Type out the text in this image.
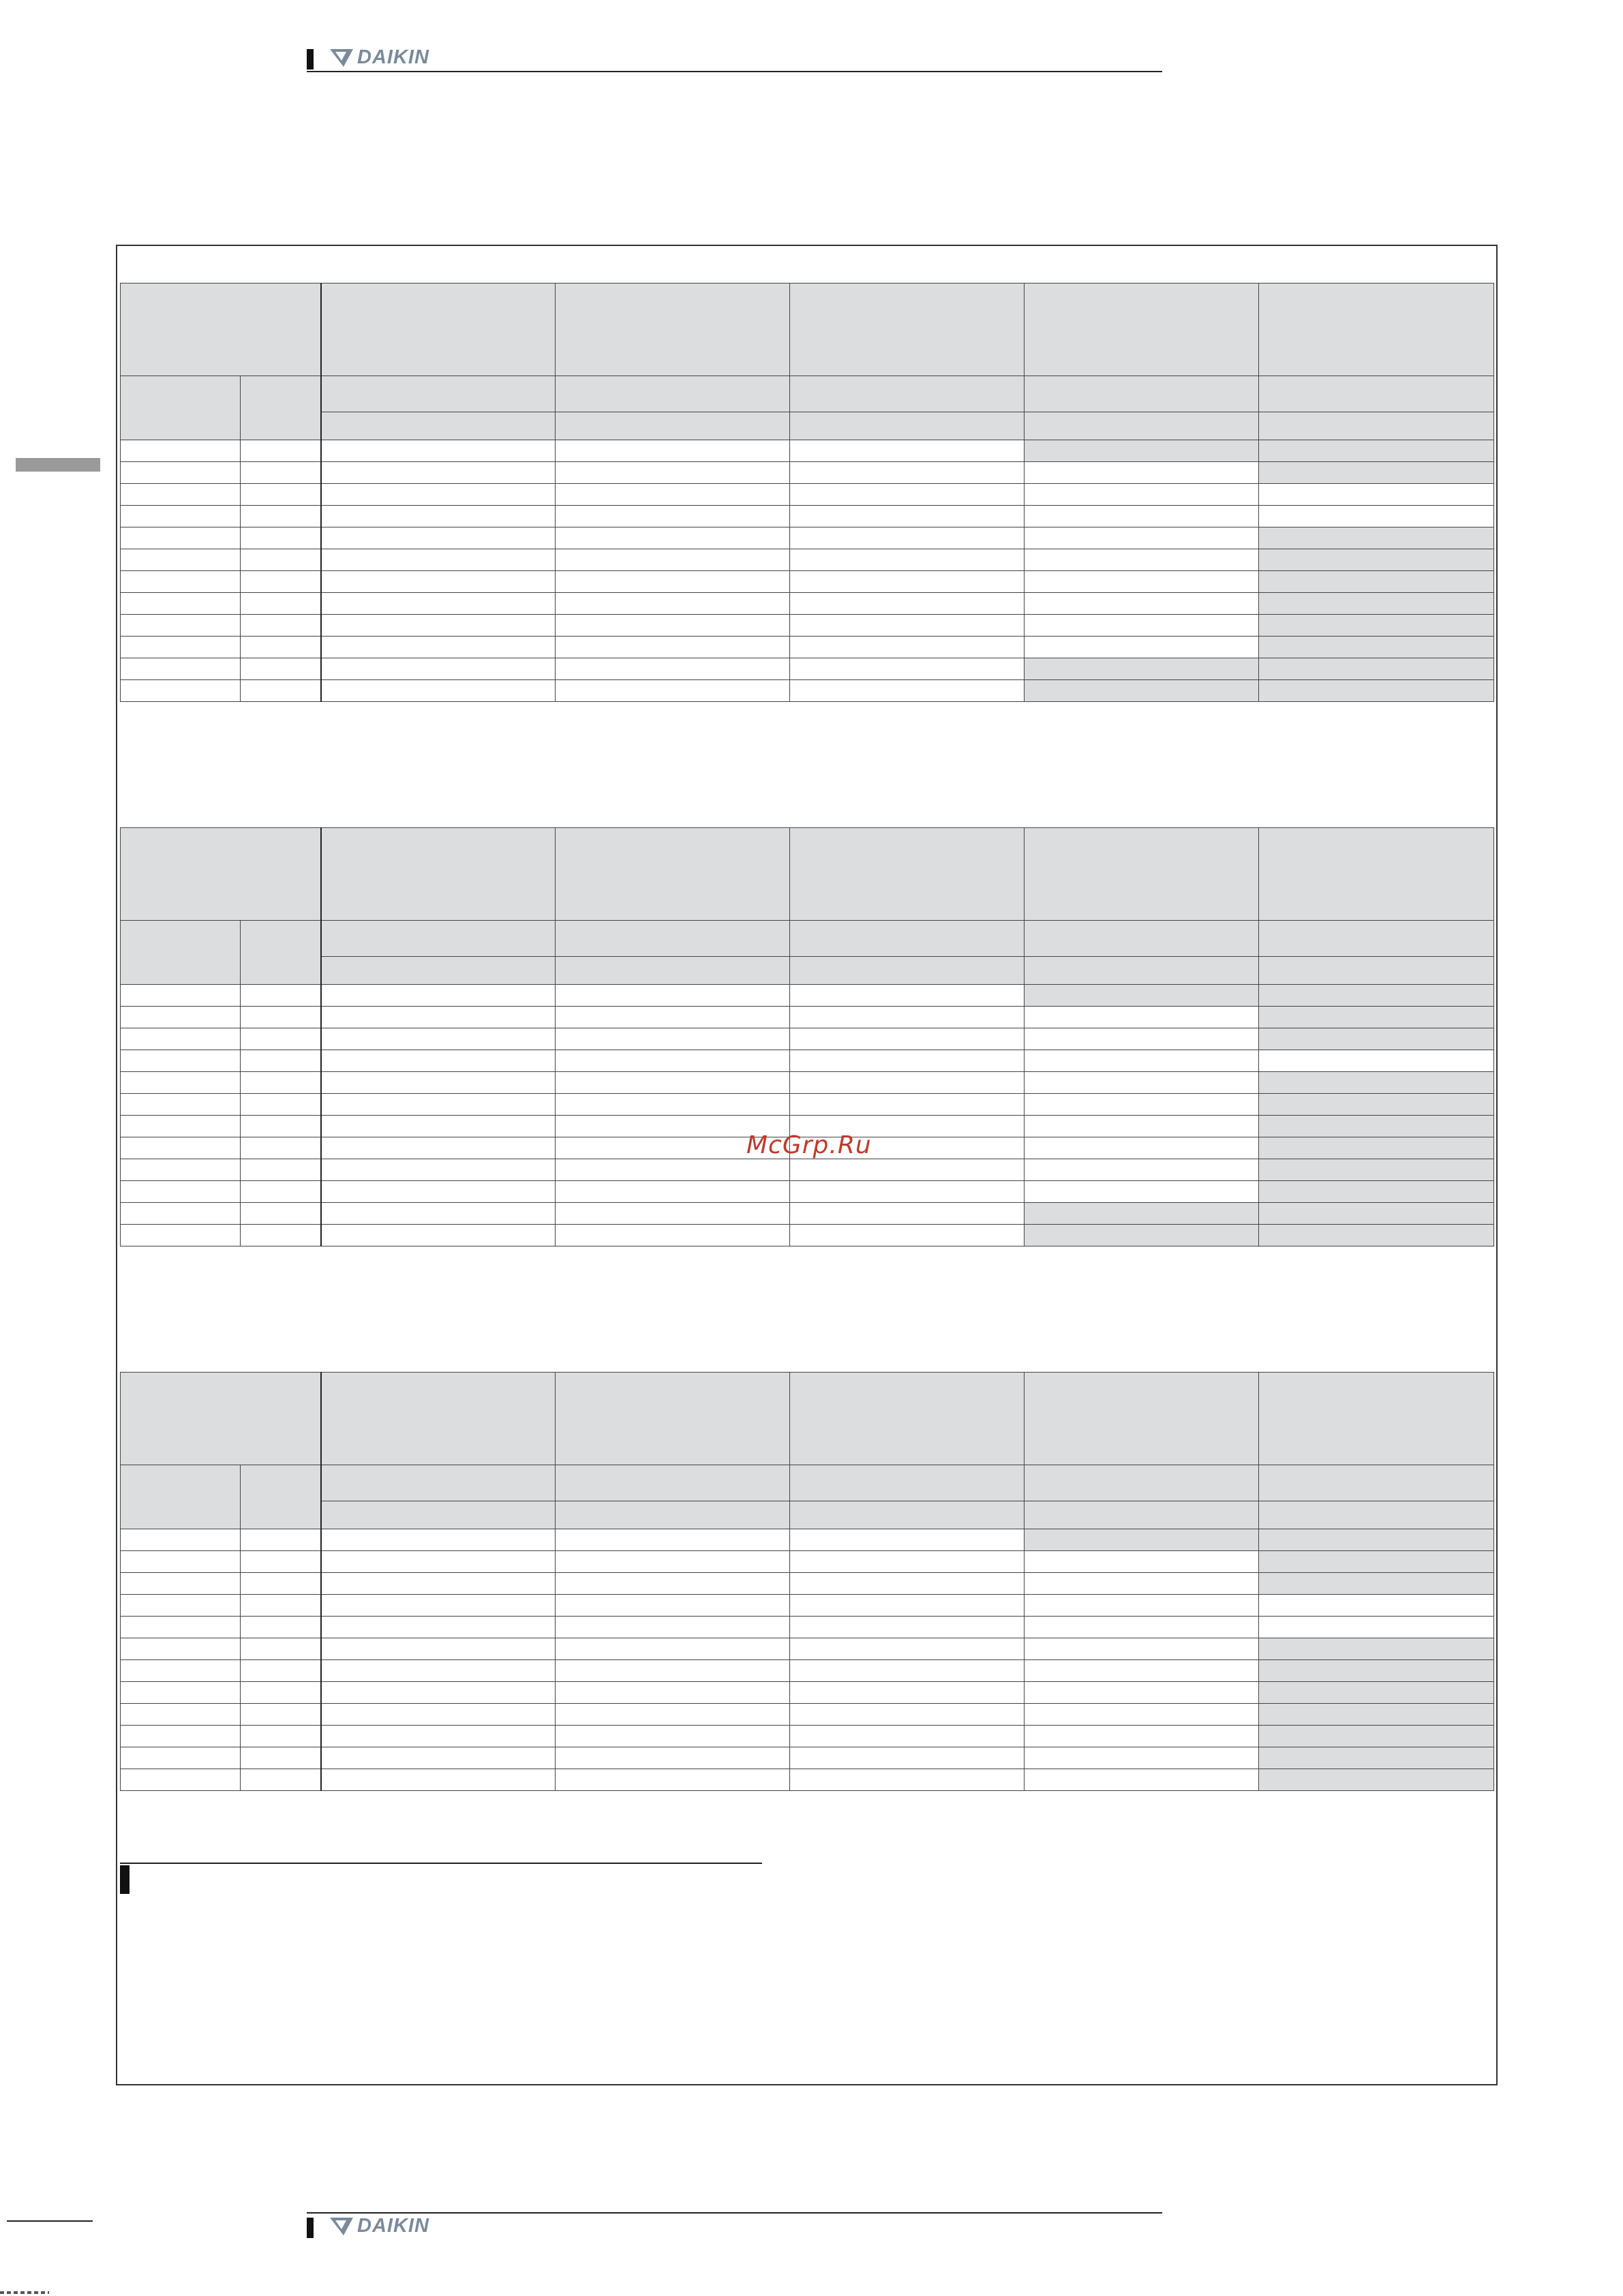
DAIKIN

McGrp.Ru
DAIKIN
